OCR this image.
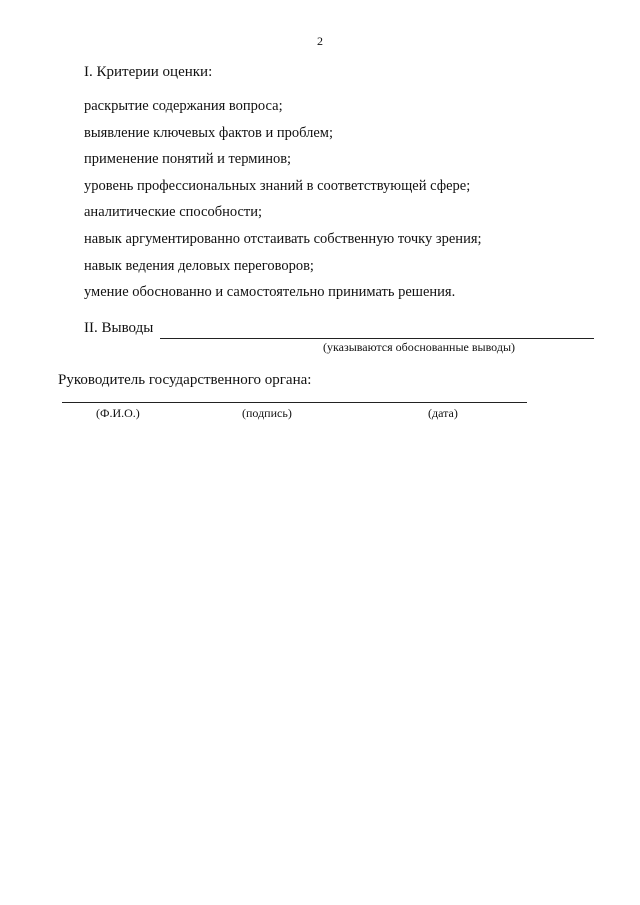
2
I. Критерии оценки:
раскрытие содержания вопроса;
выявление ключевых фактов и проблем;
применение понятий и терминов;
уровень профессиональных знаний в соответствующей сфере;
аналитические способности;
навык аргументированно отстаивать собственную точку зрения;
навык ведения деловых переговоров;
умение обоснованно и самостоятельно принимать решения.
II. Выводы
(указываются обоснованные выводы)
Руководитель государственного органа:
(Ф.И.О.)	(подпись)	(дата)
